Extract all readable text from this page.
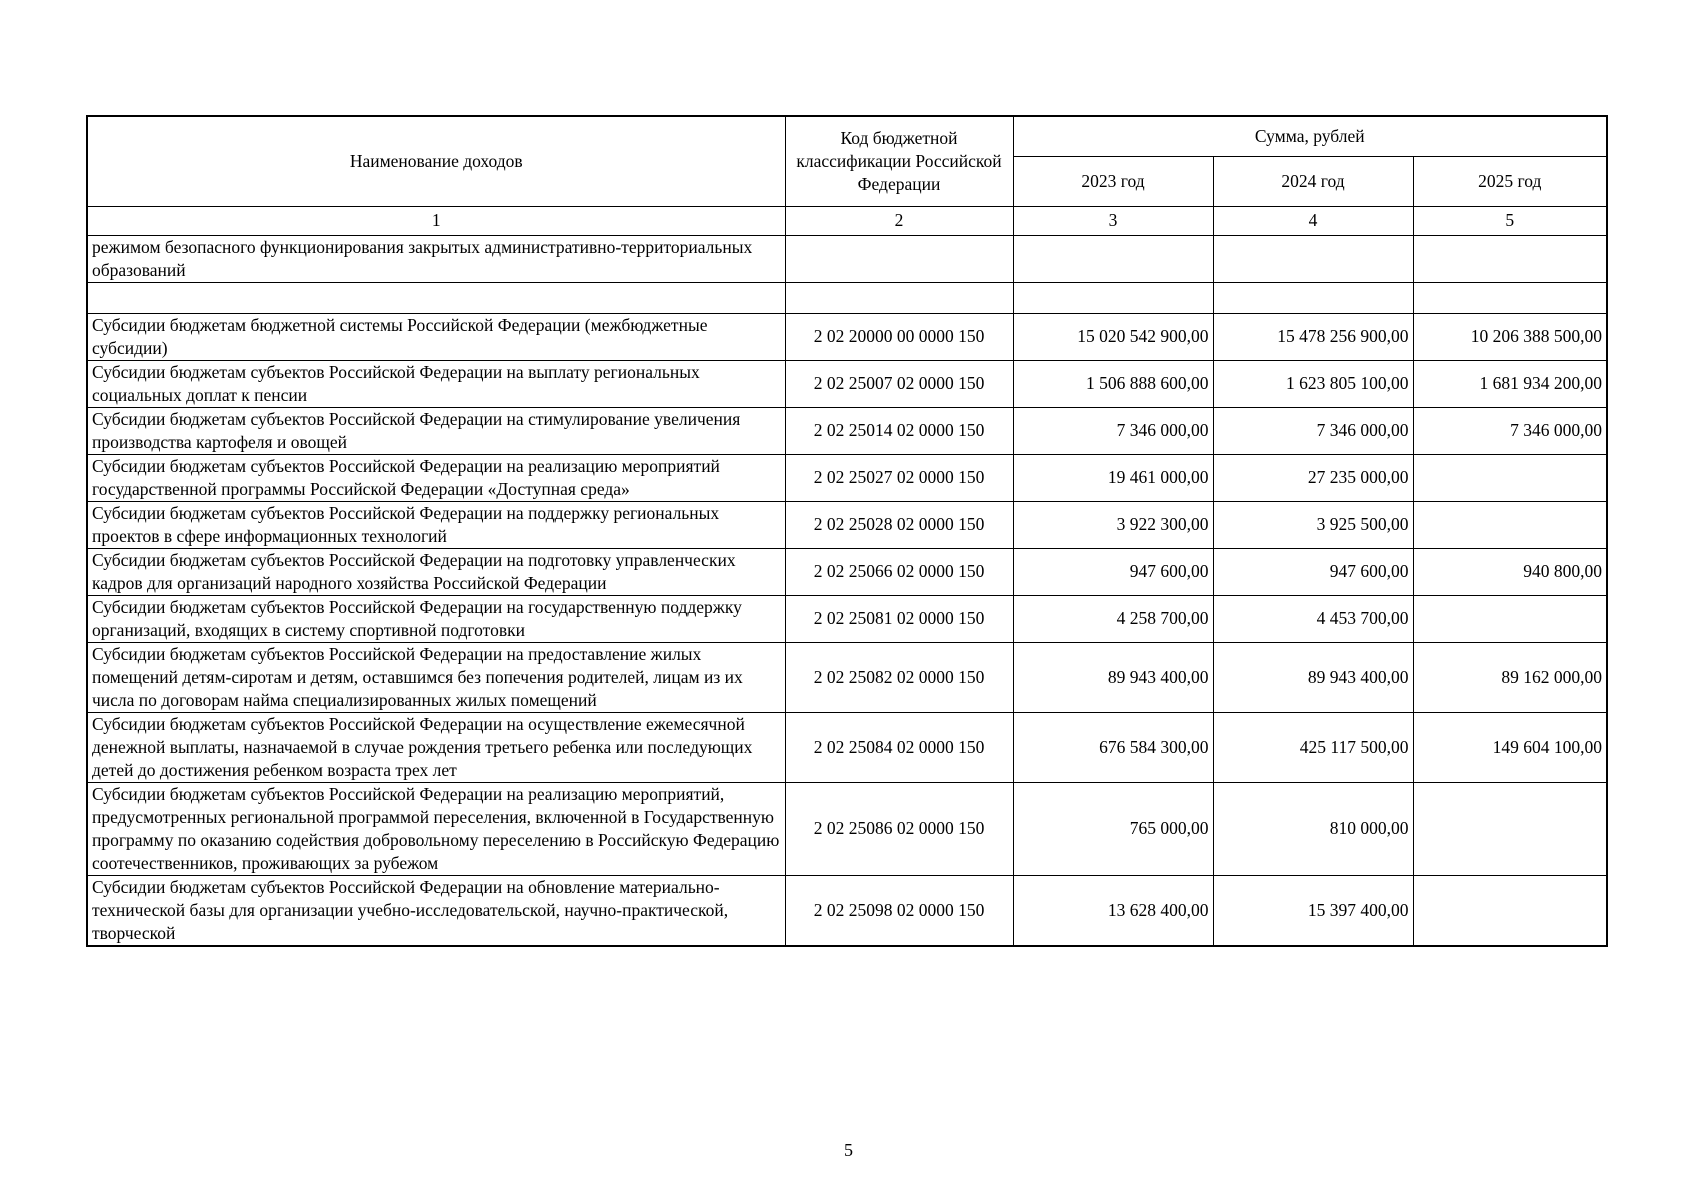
Наименование доходов	Код бюджетной классификации Российской Федерации	Сумма, рублей		
		2023 год	2024 год	2025 год
1	2	3	4	5
режимом безопасного функционирования закрытых административно-территориальных образований				

Субсидии бюджетам бюджетной системы Российской Федерации (межбюджетные субсидии)	2 02 20000 00 0000 150	15 020 542 900,00	15 478 256 900,00	10 206 388 500,00
Субсидии бюджетам субъектов Российской Федерации на выплату региональных социальных доплат к пенсии	2 02 25007 02 0000 150	1 506 888 600,00	1 623 805 100,00	1 681 934 200,00
Субсидии бюджетам субъектов Российской Федерации на стимулирование увеличения производства картофеля и овощей	2 02 25014 02 0000 150	7 346 000,00	7 346 000,00	7 346 000,00
Субсидии бюджетам субъектов Российской Федерации на реализацию мероприятий государственной программы Российской Федерации «Доступная среда»	2 02 25027 02 0000 150	19 461 000,00	27 235 000,00	
Субсидии бюджетам субъектов Российской Федерации на поддержку региональных проектов в сфере информационных технологий	2 02 25028 02 0000 150	3 922 300,00	3 925 500,00	
Субсидии бюджетам субъектов Российской Федерации на подготовку управленческих кадров для организаций народного хозяйства Российской Федерации	2 02 25066 02 0000 150	947 600,00	947 600,00	940 800,00
Субсидии бюджетам субъектов Российской Федерации на государственную поддержку организаций, входящих в систему спортивной подготовки	2 02 25081 02 0000 150	4 258 700,00	4 453 700,00	
Субсидии бюджетам субъектов Российской Федерации на предоставление жилых помещений детям-сиротам и детям, оставшимся без попечения родителей, лицам из их числа по договорам найма специализированных жилых помещений	2 02 25082 02 0000 150	89 943 400,00	89 943 400,00	89 162 000,00
Субсидии бюджетам субъектов Российской Федерации на осуществление ежемесячной денежной выплаты, назначаемой в случае рождения третьего ребенка или последующих детей до достижения ребенком возраста трех лет	2 02 25084 02 0000 150	676 584 300,00	425 117 500,00	149 604 100,00
Субсидии бюджетам субъектов Российской Федерации на реализацию мероприятий, предусмотренных региональной программой переселения, включенной в Государственную программу по оказанию содействия добровольному переселению в Российскую Федерацию соотечественников, проживающих за рубежом	2 02 25086 02 0000 150	765 000,00	810 000,00	
Субсидии бюджетам субъектов Российской Федерации на обновление материально-технической базы для организации учебно-исследовательской, научно-практической, творческой	2 02 25098 02 0000 150	13 628 400,00	15 397 400,00	
5
